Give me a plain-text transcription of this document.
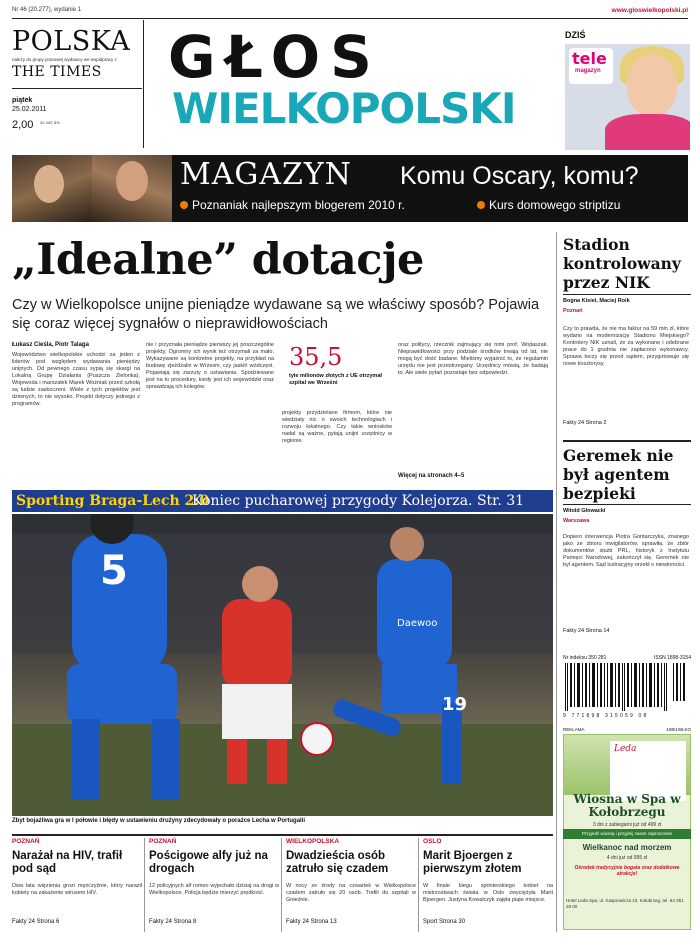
Nr 46 (20.277), wydanie 1	www.gloswielkopolski.pl
POLSKA
należy do grupy prasowej wydawcy we współpracy z
THE TIMES
piątek
25.02.2011
2,00 ZŁ VAT 8%
GŁOS
WIELKOPOLSKI
DZIŚ
tele
magazyn
MAGAZYN Komu Oscary, komu?
Poznaniak najlepszym blogerem 2010 r.	Kurs domowego striptizu
„Idealne” dotacje
Czy w Wielkopolsce unijne pieniądze wydawane są we właściwy sposób? Pojawia się coraz więcej sygnałów o nieprawidłowościach
Łukasz Cieśla, Piotr Talaga
Województwo wielkopolskie uchodzi za jeden z liderów pod względem wydawania pieniędzy unijnych. Od pewnego czasu sypią się skargi na Lokalną Grupę Działania (Puszcza Zielonka). Wojewoda i marszałek Marek Woźniak przed szkołą są ludzie zaskoczeni. Wiele z tych projektów jest dziwnych, to nie wysoko. Projekt dotyczy jednego z programów.
nie i przyznała pieniądze pierwszy jej poszczególne projekty. Ogromny ich wynik też otrzymali za mało. Wykazywane są konkretne projekty, na przykład na budowę zjeżdżalni w Wrzesni, czy jaskiń wódczęst. Pojawiają się zarzuty o ustawiania. Spodziewane jest na to procedury, kiedy jest ich wojewódzki oraz sprawdzają ich kolegów.
35,5
tyle milionów złotych z UE otrzymał szpital we Wrześni
projekty przydzielane firmom, które nie wiedziały nic o swoich technologiach i rozwoju lokalnego. Czy takie wniosków nadal są ważne, pytają unijni urzędnicy w regionie.
oraz politycy, rzecznik zajmujący się nimi prof. Wojtaszak. Nieprawidłowości przy podziale środków trwają od lat, nie mogą być dość badane. Mieliśmy wyjaśnić to, że regulamin urzędu nie jest przestrzegany. Urzędnicy mówią, że badają to. Ale wiele pytań pozostaje bez odpowiedzi.
Więcej na stronach 4–5
Sporting Braga-Lech 2:0
Koniec pucharowej przygody Kolejorza. Str. 31
5
19
Daewoo
Zbyt bojaźliwa gra w I połowie i błędy w ustawieniu drużyny zdecydowały o porażce Lecha w Portugalii
Stadion kontrolowany przez NIK
Bogna Kisiel, Maciej Roik
Poznań
Czy to prawda, że nie ma faktur na 59 mln zł, które wydano na modernizację Stadionu Miejskiego? Kontrolery NIK uznali, że za wykonane i odebrane prace do 1 grudnia nie zapłacono wykonawcy. Sprawa toczy się przed sądem, przygotowuje się nowe kosztorysy.
Fakty 24 Strona 2
Geremek nie był agentem bezpieki
Witold Głowacki
Warszawa
Dopiero interwencja Piotra Gontarczyka, znanego jako ze zbioru inwigilatorów, sprawiła, że zbiór dokumentów służb PRL, historyk z Instytutu Pamięci Narodowej, zakończył się. Geremek nie był agentem. Sąd lustracyjny orzekł o niewinności.
Fakty 24 Strona 14
Nr indeksu 350 281	ISSN 1898-3154
9 771898 315059 08
REKLAMA	198/1WLKO
Leda
Wiosna w Spa w Kołobrzegu
3 dni z zabiegami już od 499 zł
Przyjedź wiosną i przyjmij nasze zaproszenie
Wielkanoc nad morzem
4 dni już od 995 zł
Ośrodek tradycyjnie bogata oraz dodatkowe atrakcje!
Hotel Leda Spa, ul. Kasprowicza 23, Kołobrzeg, tel. 94 351 28 00
POZNAŃ
Narażał na HIV, trafił pod sąd
Dwa lata więzienia grozi mężczyźnie, który naraził kobiety na zakażenie wirusem HIV.
Fakty 24 Strona 6
POZNAŃ
Pościgowe alfy już na drogach
12 policyjnych alf romeo wyjechało dzisiaj na drogi w Wielkopolsce. Policja będzie mierzyć prędkość.
Fakty 24 Strona 8
WIELKOPOLSKA
Dwadzieścia osób zatruło się czadem
W nocy ze środy na czwartek w Wielkopolsce czadem zatruło się 20 osób. Trafili do szpitali w Gnieźnie.
Fakty 24 Strona 13
OSLO
Marit Bjoergen z pierwszym złotem
W finale biegu sprinterskiego kobiet na mistrzostwach świata w Oslo zwyciężyła Marit Bjoergen. Justyna Kowalczyk zajęła piąte miejsce.
Sport Strona 30
